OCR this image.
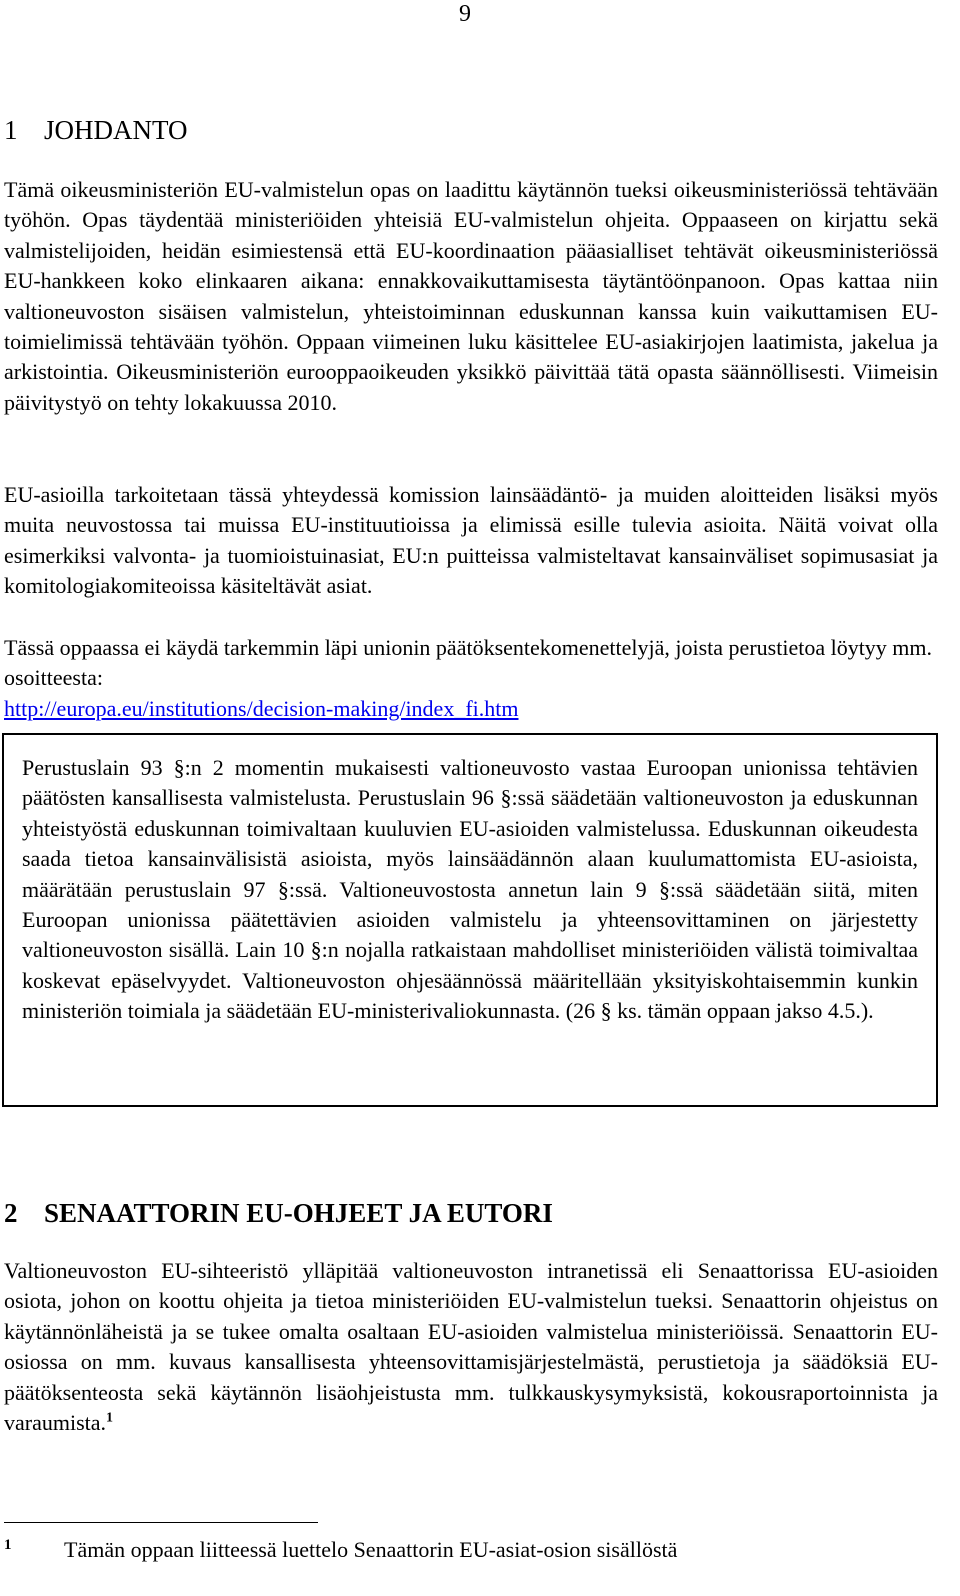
9
1 JOHDANTO

Tämä oikeusministeriön EU-valmistelun opas on laadittu käytännön tueksi oikeusministeriössä tehtävään työhön. Opas täydentää ministeriöiden yhteisiä EU-valmistelun ohjeita. Oppaaseen on kirjattu sekä valmistelijoiden, heidän esimiestensä että EU-koordinaation pääasialliset tehtävät oikeusministeriössä EU-hankkeen koko elinkaaren aikana: ennakkovaikuttamisesta täytäntöönpanoon. Opas kattaa niin valtioneuvoston sisäisen valmistelun, yhteistoiminnan eduskunnan kanssa kuin vaikuttamisen EU-toimielimissä tehtävään työhön. Oppaan viimeinen luku käsittelee EU-asiakirjojen laatimista, jakelua ja arkistointia. Oikeusministeriön eurooppaoikeuden yksikkö päivittää tätä opasta säännöllisesti. Viimeisin päivitystyö on tehty lokakuussa 2010.

EU-asioilla tarkoitetaan tässä yhteydessä komission lainsäädäntö- ja muiden aloitteiden lisäksi myös muita neuvostossa tai muissa EU-instituutioissa ja elimissä esille tulevia asioita. Näitä voivat olla esimerkiksi valvonta- ja tuomioistuinasiat, EU:n puitteissa valmisteltavat kansainväliset sopimusasiat ja komitologiakomiteoissa käsiteltävät asiat.

Tässä oppaassa ei käydä tarkemmin läpi unionin päätöksentekomenettelyjä, joista perustietoa löytyy mm. osoitteesta:
http://europa.eu/institutions/decision-making/index_fi.htm

Perustuslain 93 §:n 2 momentin mukaisesti valtioneuvosto vastaa Euroopan unionissa tehtävien päätösten kansallisesta valmistelusta. Perustuslain 96 §:ssä säädetään valtioneuvoston ja eduskunnan yhteistyöstä eduskunnan toimivaltaan kuuluvien EU-asioiden valmistelussa. Eduskunnan oikeudesta saada tietoa kansainvälisistä asioista, myös lainsäädännön alaan kuulumattomista EU-asioista, määrätään perustuslain 97 §:ssä. Valtioneuvostosta annetun lain 9 §:ssä säädetään siitä, miten Euroopan unionissa päätettävien asioiden valmistelu ja yhteensovittaminen on järjestetty valtioneuvoston sisällä. Lain 10 §:n nojalla ratkaistaan mahdolliset ministeriöiden välistä toimivaltaa koskevat epäselvyydet. Valtioneuvoston ohjesäännössä määritellään yksityiskohtaisemmin kunkin ministeriön toimiala ja säädetään EU-ministerivaliokunnasta. (26 § ks. tämän oppaan jakso 4.5.).

2 SENAATTORIN EU-OHJEET JA EUTORI

Valtioneuvoston EU-sihteeristö ylläpitää valtioneuvoston intranetissä eli Senaattorissa EU-asioiden osiota, johon on koottu ohjeita ja tietoa ministeriöiden EU-valmistelun tueksi. Senaattorin ohjeistus on käytännönläheistä ja se tukee omalta osaltaan EU-asioiden valmistelua ministeriöissä. Senaattorin EU-osiossa on mm. kuvaus kansallisesta yhteensovittamisjärjestelmästä, perustietoja ja säädöksiä EU-päätöksenteosta sekä käytännön lisäohjeistusta mm. tulkkauskysymyksistä, kokousraportoinnista ja varaumista.$^1$

1 Tämän oppaan liitteessä luettelo Senaattorin EU-asiat-osion sisällöstä
